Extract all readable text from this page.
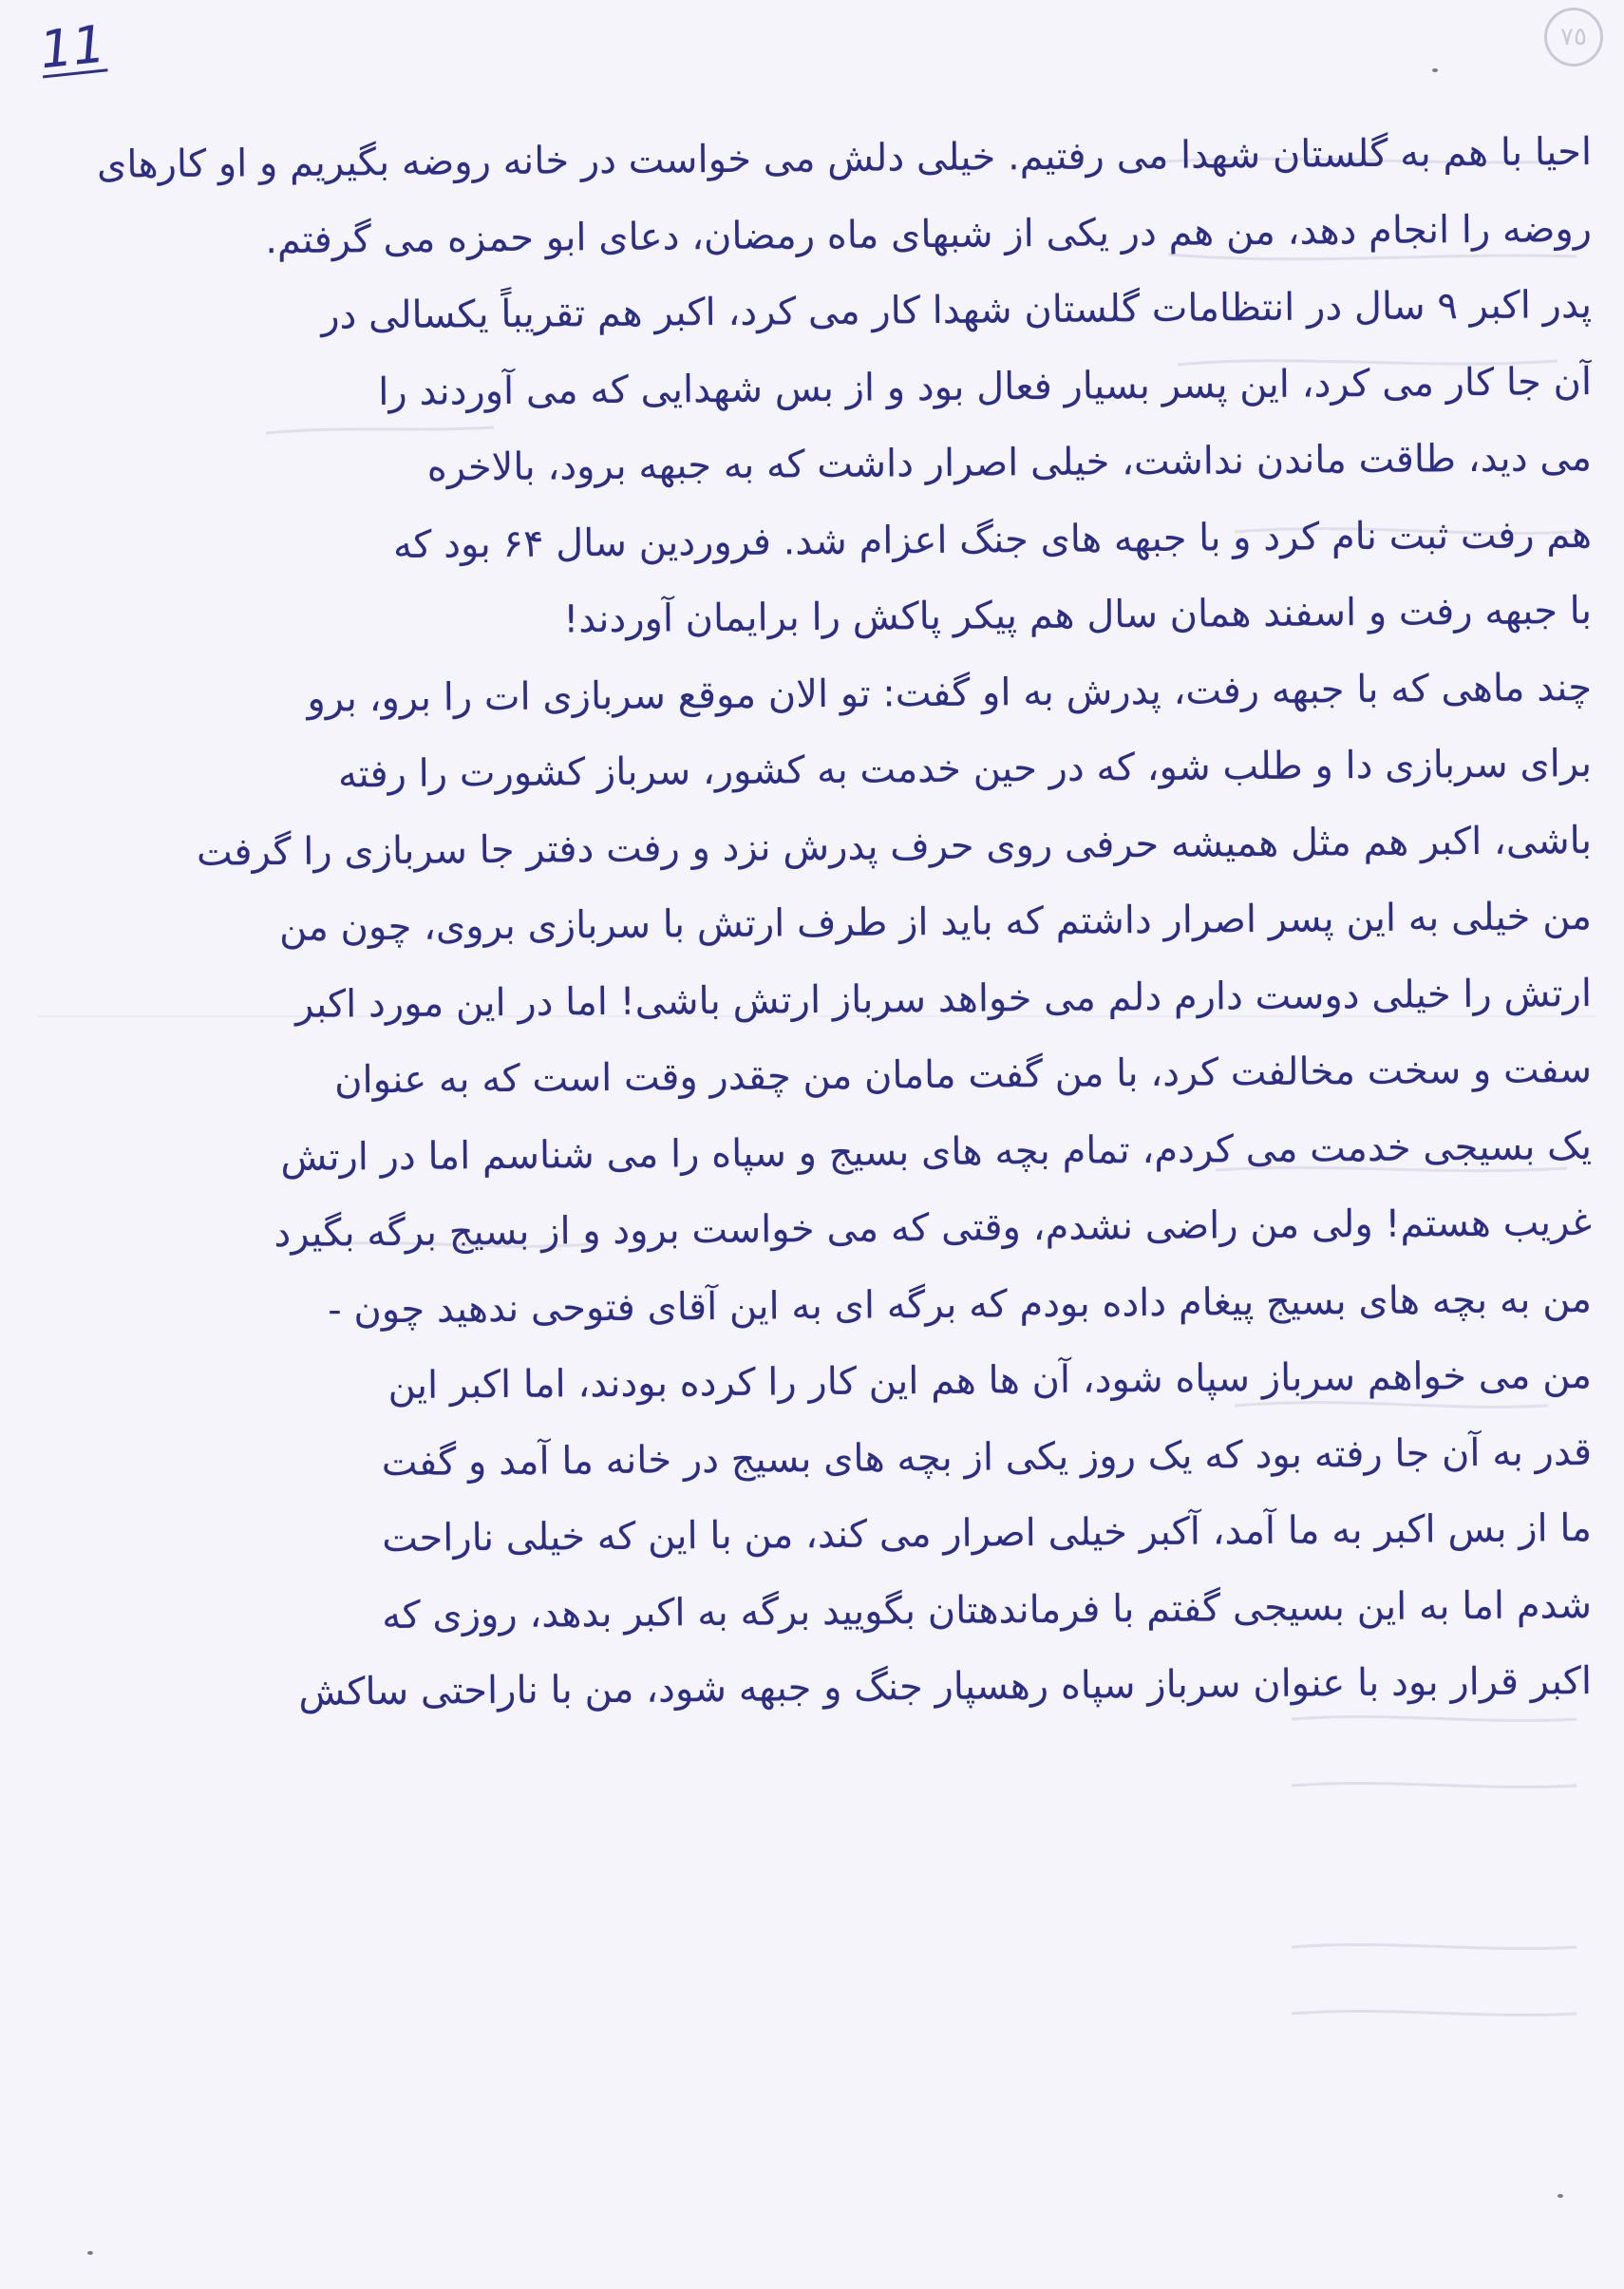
11	٧٥
احیا با هم به گلستان شهدا می رفتیم. خیلی دلش می خواست در خانه روضه بگیریم و او کارهای
روضه را انجام دهد، من هم در یکی از شبهای ماه رمضان، دعای ابو حمزه می گرفتم.
پدر اکبر ۹ سال در انتظامات گلستان شهدا کار می کرد، اکبر هم تقریباً یکسالی در
آن جا کار می کرد، این پسر بسیار فعال بود و از بس شهدایی که می آوردند را
می دید، طاقت ماندن نداشت، خیلی اصرار داشت که به جبهه برود، بالاخره
هم رفت ثبت نام کرد و با جبهه های جنگ اعزام شد. فروردین سال ۶۴ بود که
با جبهه رفت و اسفند همان سال هم پیکر پاکش را برایمان آوردند!
چند ماهی که با جبهه رفت، پدرش به او گفت: تو الان موقع سربازی ات را برو، برو
برای سربازی دا و طلب شو، که در حین خدمت به کشور، سرباز کشورت را رفته
باشی، اکبر هم مثل همیشه حرفی روی حرف پدرش نزد و رفت دفتر جا سربازی را گرفت
من خیلی به این پسر اصرار داشتم که باید از طرف ارتش با سربازی بروی، چون من
ارتش را خیلی دوست دارم دلم می خواهد سرباز ارتش باشی! اما در این مورد اکبر
سفت و سخت مخالفت کرد، با من گفت مامان من چقدر وقت است که به عنوان
یک بسیجی خدمت می کردم، تمام بچه های بسیج و سپاه را می شناسم اما در ارتش
غریب هستم! ولی من راضی نشدم، وقتی که می خواست برود و از بسیج برگه بگیرد
من به بچه های بسیج پیغام داده بودم که برگه ای به این آقای فتوحی ندهید چون -
من می خواهم سرباز سپاه شود، آن ها هم این کار را کرده بودند، اما اکبر این
قدر به آن جا رفته بود که یک روز یکی از بچه های بسیج در خانه ما آمد و گفت
ما از بس اکبر به ما آمد، آکبر خیلی اصرار می کند، من با این که خیلی ناراحت
شدم اما به این بسیجی گفتم با فرماندهتان بگویید برگه به اکبر بدهد، روزی که
اکبر قرار بود با عنوان سرباز سپاه رهسپار جنگ و جبهه شود، من با ناراحتی ساکش
